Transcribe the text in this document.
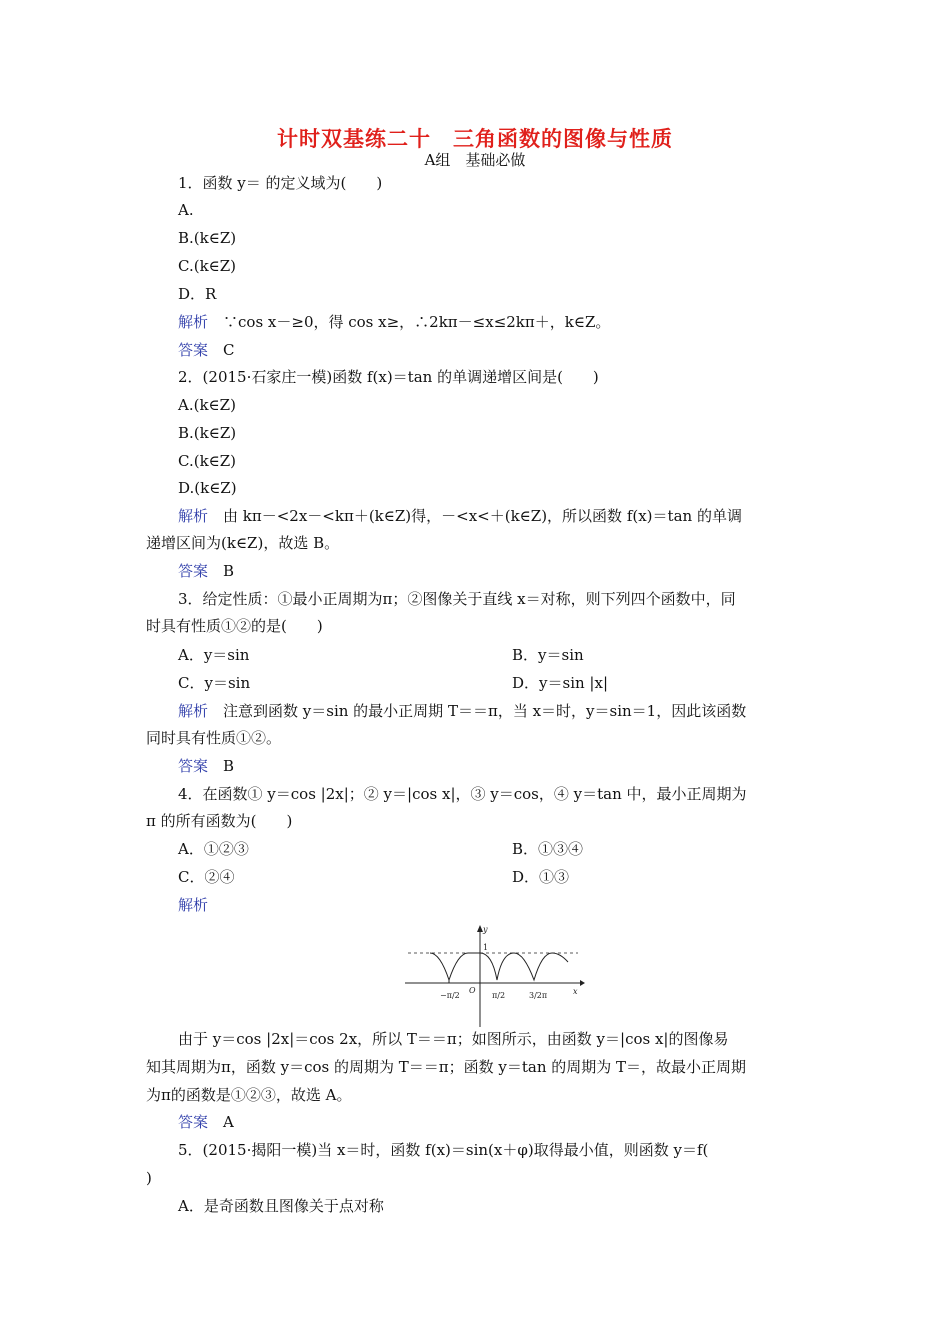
计时双基练二十　三角函数的图像与性质
A组　基础必做
1．函数 y＝ 的定义域为(　　)
A.
B.(k∈Z)
C.(k∈Z)
D．R
解析　∵cos x－≥0，得 cos x≥，∴2kπ－≤x≤2kπ＋，k∈Z。
答案　C
2．(2015·石家庄一模)函数 f(x)＝tan 的单调递增区间是(　　)
A.(k∈Z)
B.(k∈Z)
C.(k∈Z)
D.(k∈Z)
解析　由 kπ－<2x－<kπ＋(k∈Z)得，－<x<＋(k∈Z)，所以函数 f(x)＝tan 的单调
递增区间为(k∈Z)，故选 B。
答案　B
3．给定性质：①最小正周期为π；②图像关于直线 x＝对称，则下列四个函数中，同
时具有性质①②的是(　　)
A．y＝sin	B．y＝sin
C．y＝sin	D．y＝sin |x|
解析　注意到函数 y＝sin 的最小正周期 T＝＝π，当 x＝时，y＝sin＝1，因此该函数
同时具有性质①②。
答案　B
4．在函数① y＝cos |2x|；② y＝|cos x|，③ y＝cos，④ y＝tan 中，最小正周期为
π 的所有函数为(　　)
A．①②③	B．①③④
C．②④	D．①③
解析
由于 y＝cos |2x|＝cos 2x，所以 T＝＝π；如图所示，由函数 y＝|cos x|的图像易
知其周期为π，函数 y＝cos 的周期为 T＝＝π；函数 y＝tan 的周期为 T＝，故最小正周期
为π的函数是①②③，故选 A。
答案　A
5．(2015·揭阳一模)当 x＝时，函数 f(x)＝sin(x＋φ)取得最小值，则函数 y＝f(
)
A．是奇函数且图像关于点对称
y
1
O	x
−π/2	π/2	3/2π
